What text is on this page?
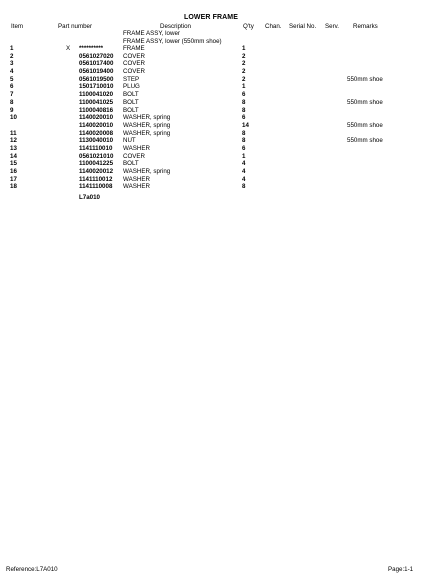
LOWER FRAME
Item	Part number	Description	Q'ty Chan. Serial No. Serv. Remarks
FRAME ASSY, lower
FRAME ASSY, lower (550mm shoe)
1	X **********	FRAME	1
2	0561027020 COVER	2
3	0561017400 COVER	2
4	0561019400 COVER	2
5	0561019500 STEP	2	550mm shoe
6	1501710010 PLUG	1
7	1100041020 BOLT	6
8	1100041025 BOLT	8	550mm shoe
9	1100040816 BOLT	8
10	1140020010 WASHER, spring	6
1140020010 WASHER, spring	14	550mm shoe
11	1140020008 WASHER, spring	8
12	1130040010 NUT	8	550mm shoe
13	1141110010 WASHER	6
14	0561021010 COVER	1
15	1100041225 BOLT	4
16	1140020012 WASHER, spring	4
17	1141110012 WASHER	4
18	1141110008 WASHER	8
L7a010
Reference:L7A010	Page:1-1
